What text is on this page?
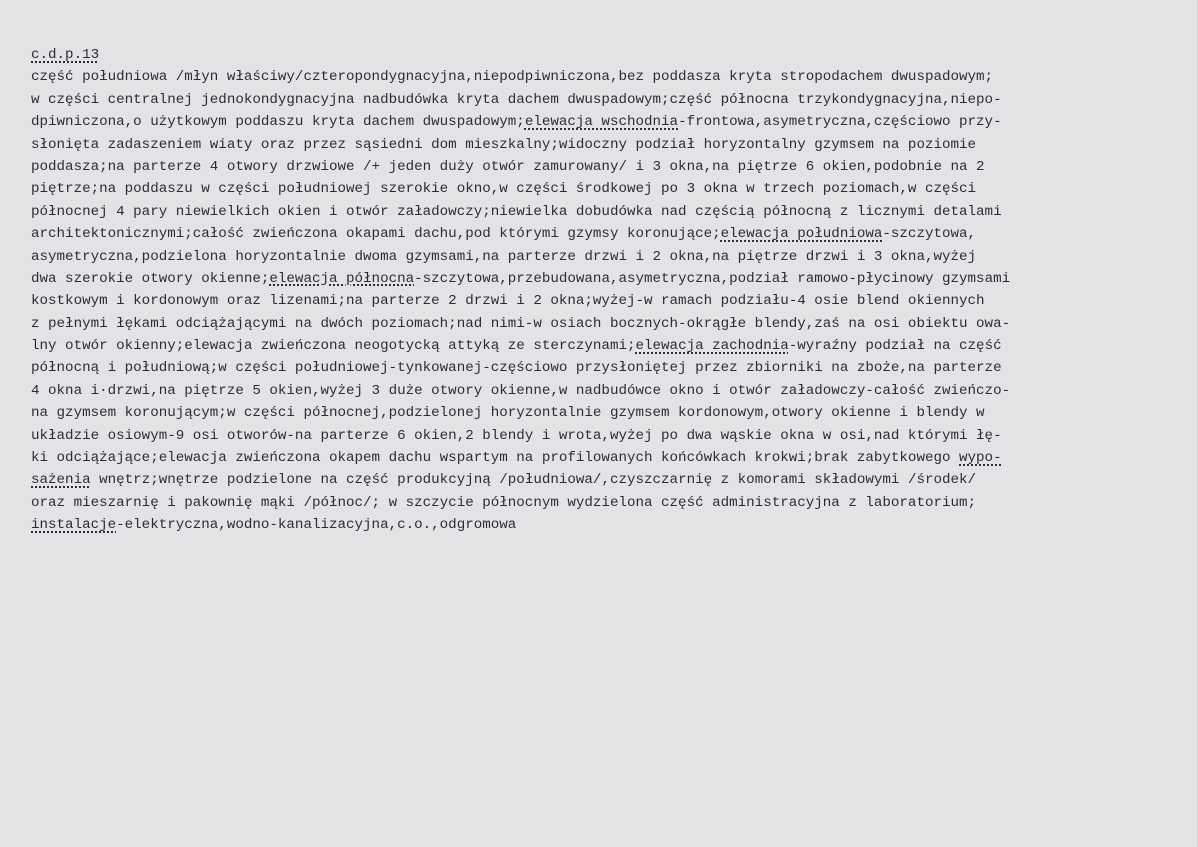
c.d.p.13
część południowa /młyn właściwy/czteropondygnacyjna,niepodpiwniczona,bez poddasza kryta stropodachem dwuspadowym;
w części centralnej jednokondygnacyjna nadbudówka kryta dachem dwuspadowym;część północna trzykondygnacyjna,niepo-
dpiwniczona,o użytkowym poddaszu kryta dachem dwuspadowym;elewacja wschodnia-frontowa,asymetryczna,częściowo przy-
słonięta zadaszeniem wiaty oraz przez sąsiedni dom mieszkalny;widoczny podział horyzontalny gzymsem na poziomie
poddasza;na parterze 4 otwory drzwiowe /+ jeden duży otwór zamurowany/ i 3 okna,na piętrze 6 okien,podobnie na 2
piętrze;na poddaszu w części południowej szerokie okno,w części środkowej po 3 okna w trzech poziomach,w części
północnej 4 pary niewielkich okien i otwór załadowczy;niewielka dobudówka nad częścią północną z licznymi detalami
architektonicznymi;całość zwieńczona okapami dachu,pod którymi gzymsy koronujące;elewacja południowa-szczytowa,
asymetryczna,podzielona horyzontalnie dwoma gzymsami,na parterze drzwi i 2 okna,na piętrze drzwi i 3 okna,wyżej
dwa szerokie otwory okienne;elewacja północna-szczytowa,przebudowana,asymetryczna,podział ramowo-płycinowy gzymsami
kostkowym i kordonowym oraz lizenami;na parterze 2 drzwi i 2 okna;wyżej-w ramach podziału-4 osie blend okiennych
z pełnymi łękami odciążającymi na dwóch poziomach;nad nimi-w osiach bocznych-okrągłe blendy,zaś na osi obiektu owa-
lny otwór okienny;elewacja zwieńczona neogotycką attyką ze sterczynami;elewacja zachodnia-wyraźny podział na część
północną i południową;w części południowej-tynkowanej-częściowo przysłoniętej przez zbiorniki na zboże,na parterze
4 okna i·drzwi,na piętrze 5 okien,wyżej 3 duże otwory okienne,w nadbudówce okno i otwór załadowczy-całość zwieńczo-
na gzymsem koronującym;w części północnej,podzielonej horyzontalnie gzymsem kordonowym,otwory okienne i blendy w
układzie osiowym-9 osi otworów-na parterze 6 okien,2 blendy i wrota,wyżej po dwa wąskie okna w osi,nad którymi łę-
ki odciążające;elewacja zwieńczona okapem dachu wspartym na profilowanych końcówkach krokwi;brak zabytkowego wypo-
sażenia wnętrz;wnętrze podzielone na część produkcyjną /południowa/,czyszczarnię z komorami składowymi /środek/
oraz mieszarnię i pakownię mąki /północ/; w szczycie północnym wydzielona część administracyjna z laboratorium;
instalacje-elektryczna,wodno-kanalizacyjna,c.o.,odgromowa
